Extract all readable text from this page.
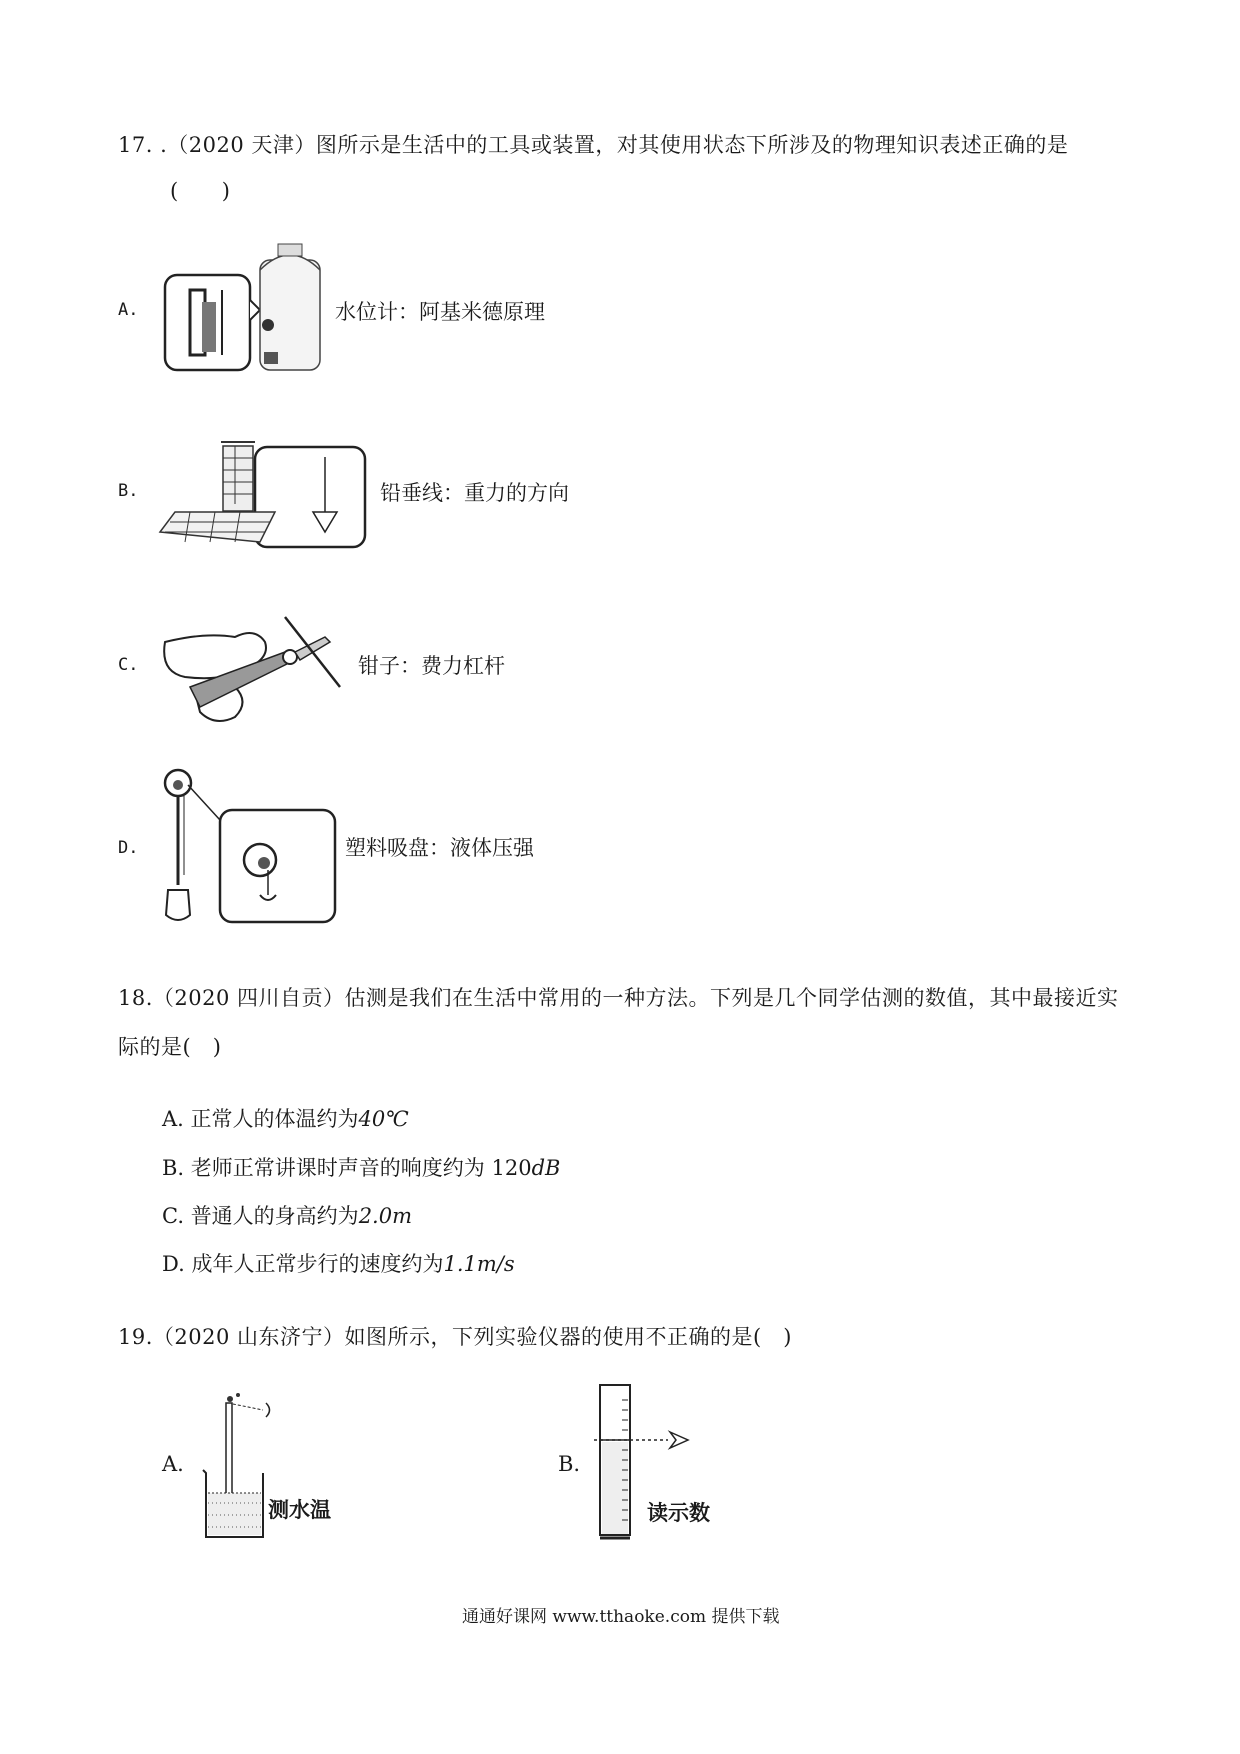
17. .（2020 天津）图所示是生活中的工具或装置，对其使用状态下所涉及的物理知识表述正确的是
(　　)
A.	水位计：阿基米德原理
B.	铅垂线：重力的方向
C.	钳子：费力杠杆
D.	塑料吸盘：液体压强
18.（2020 四川自贡）估测是我们在生活中常用的一种方法。下列是几个同学估测的数值，其中最接近实
际的是(　)
A. 正常人的体温约为40℃
B. 老师正常讲课时声音的响度约为 120dB
C. 普通人的身高约为2.0m
D. 成年人正常步行的速度约为1.1m/s
19.（2020 山东济宁）如图所示，下列实验仪器的使用不正确的是(　)
A.
测水温
B.
读示数
通通好课网 www.tthaoke.com 提供下载
